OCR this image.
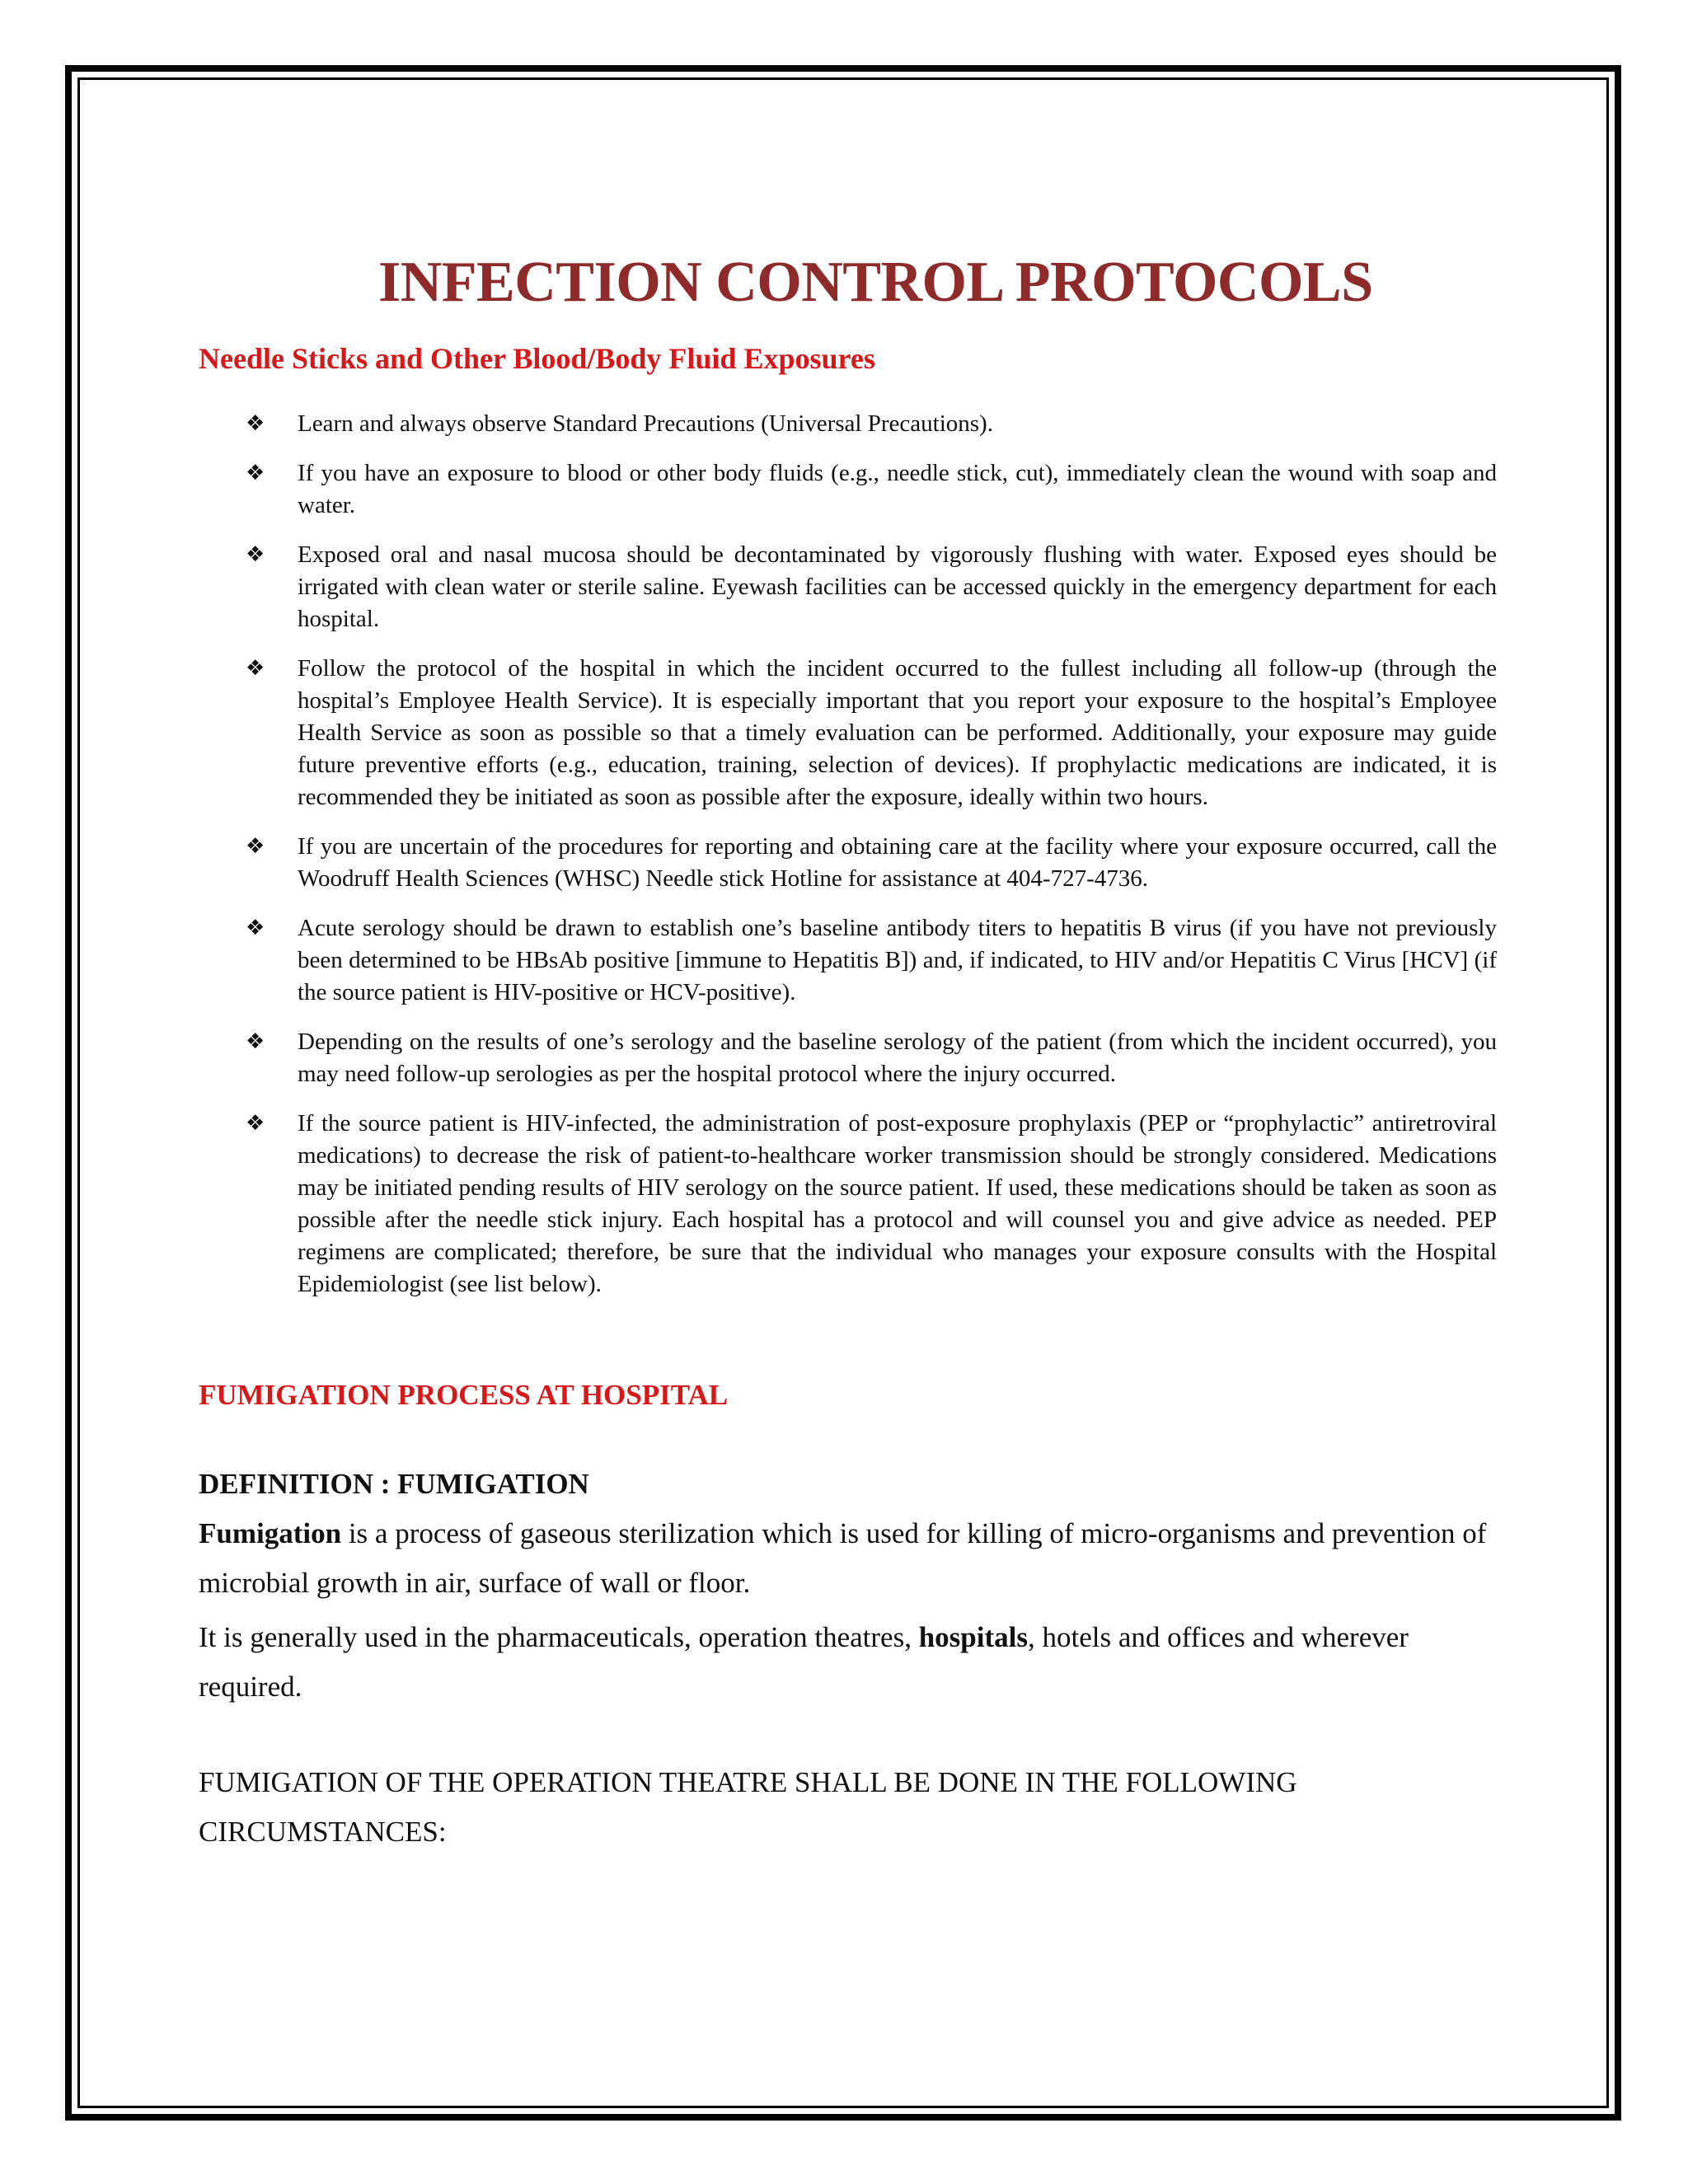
INFECTION CONTROL PROTOCOLS
Needle Sticks and Other Blood/Body Fluid Exposures
❖ Learn and always observe Standard Precautions (Universal Precautions).
❖ If you have an exposure to blood or other body fluids (e.g., needle stick, cut), immediately clean the wound with soap and water.
❖ Exposed oral and nasal mucosa should be decontaminated by vigorously flushing with water. Exposed eyes should be irrigated with clean water or sterile saline. Eyewash facilities can be accessed quickly in the emergency department for each hospital.
❖ Follow the protocol of the hospital in which the incident occurred to the fullest including all follow-up (through the hospital’s Employee Health Service). It is especially important that you report your exposure to the hospital’s Employee Health Service as soon as possible so that a timely evaluation can be performed. Additionally, your exposure may guide future preventive efforts (e.g., education, training, selection of devices). If prophylactic medications are indicated, it is recommended they be initiated as soon as possible after the exposure, ideally within two hours.
❖ If you are uncertain of the procedures for reporting and obtaining care at the facility where your exposure occurred, call the Woodruff Health Sciences (WHSC) Needle stick Hotline for assistance at 404-727-4736.
❖ Acute serology should be drawn to establish one’s baseline antibody titers to hepatitis B virus (if you have not previously been determined to be HBsAb positive [immune to Hepatitis B]) and, if indicated, to HIV and/or Hepatitis C Virus [HCV] (if the source patient is HIV-positive or HCV-positive).
❖ Depending on the results of one’s serology and the baseline serology of the patient (from which the incident occurred), you may need follow-up serologies as per the hospital protocol where the injury occurred.
❖ If the source patient is HIV-infected, the administration of post-exposure prophylaxis (PEP or “prophylactic” antiretroviral medications) to decrease the risk of patient-to-healthcare worker transmission should be strongly considered. Medications may be initiated pending results of HIV serology on the source patient. If used, these medications should be taken as soon as possible after the needle stick injury. Each hospital has a protocol and will counsel you and give advice as needed. PEP regimens are complicated; therefore, be sure that the individual who manages your exposure consults with the Hospital Epidemiologist (see list below).
FUMIGATION PROCESS AT HOSPITAL
DEFINITION : FUMIGATION

Fumigation is a process of gaseous sterilization which is used for killing of micro-organisms and prevention of microbial growth in air, surface of wall or floor.

It is generally used in the pharmaceuticals, operation theatres, hospitals, hotels and offices and wherever required.

FUMIGATION OF THE OPERATION THEATRE SHALL BE DONE IN THE FOLLOWING CIRCUMSTANCES:
